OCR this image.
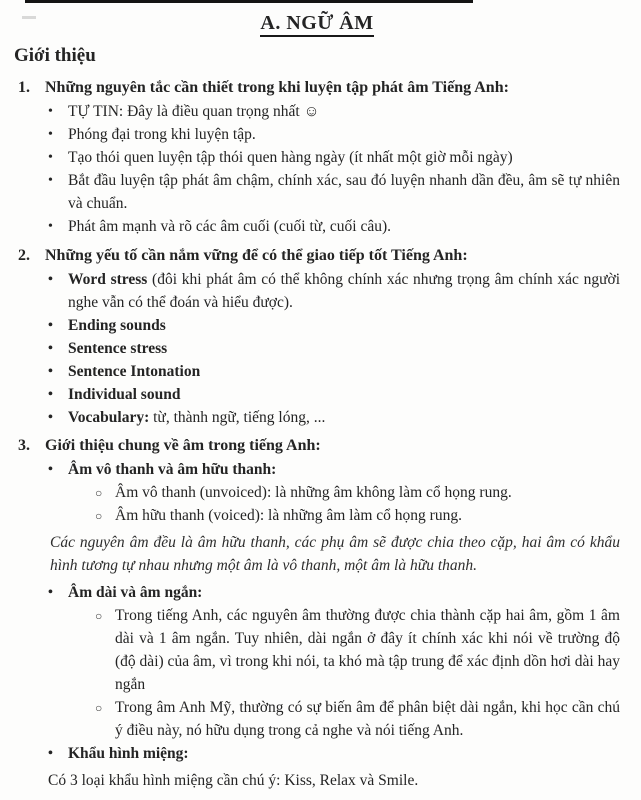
A. NGỮ ÂM
Giới thiệu
1. Những nguyên tắc cần thiết trong khi luyện tập phát âm Tiếng Anh:
• TỰ TIN: Đây là điều quan trọng nhất ☺
• Phóng đại trong khi luyện tập.
• Tạo thói quen luyện tập thói quen hàng ngày (ít nhất một giờ mỗi ngày)
• Bắt đầu luyện tập phát âm chậm, chính xác, sau đó luyện nhanh dần đều, âm sẽ tự nhiên và chuẩn.
• Phát âm mạnh và rõ các âm cuối (cuối từ, cuối câu).
2. Những yếu tố cần nắm vững để có thể giao tiếp tốt Tiếng Anh:
• Word stress (đôi khi phát âm có thể không chính xác nhưng trọng âm chính xác người nghe vẫn có thể đoán và hiểu được).
• Ending sounds
• Sentence stress
• Sentence Intonation
• Individual sound
• Vocabulary: từ, thành ngữ, tiếng lóng, ...
3. Giới thiệu chung về âm trong tiếng Anh:
• Âm vô thanh và âm hữu thanh:
○ Âm vô thanh (unvoiced): là những âm không làm cổ họng rung.
○ Âm hữu thanh (voiced): là những âm làm cổ họng rung.
Các nguyên âm đều là âm hữu thanh, các phụ âm sẽ được chia theo cặp, hai âm có khẩu hình tương tự nhau nhưng một âm là vô thanh, một âm là hữu thanh.
• Âm dài và âm ngắn:
○ Trong tiếng Anh, các nguyên âm thường được chia thành cặp hai âm, gồm 1 âm dài và 1 âm ngắn. Tuy nhiên, dài ngắn ở đây ít chính xác khi nói về trường độ (độ dài) của âm, vì trong khi nói, ta khó mà tập trung để xác định dồn hơi dài hay ngắn
○ Trong âm Anh Mỹ, thường có sự biến âm để phân biệt dài ngắn, khi học cần chú ý điều này, nó hữu dụng trong cả nghe và nói tiếng Anh.
• Khẩu hình miệng:
Có 3 loại khẩu hình miệng cần chú ý: Kiss, Relax và Smile.
